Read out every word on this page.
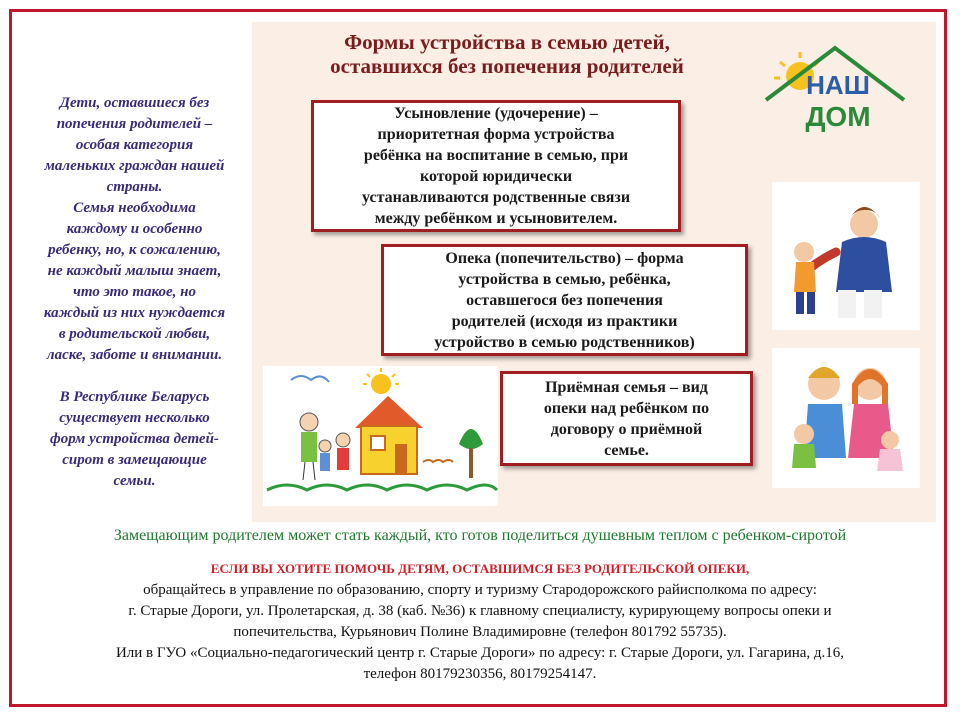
Формы устройства в семью детей,
оставшихся без попечения родителей
НАШ
ДОМ

Дети, оставшиеся без

попечения родителей –

особая категория

маленьких граждан нашей

страны.

Семья необходима

каждому и особенно

ребенку, но, к сожалению,

не каждый малыш знает,

что это такое, но

каждый из них нуждается

в родительской любви,

ласке, заботе и внимании.

В Республике Беларусь

существует несколько

форм устройства детей-

сирот в замещающие

семьи.

Усыновление (удочерение) –
приоритетная форма устройства
ребёнка на воспитание в семью, при
которой юридически
устанавливаются родственные связи
между ребёнком и усыновителем.
Опека (попечительство) – форма
устройства в семью, ребёнка,
оставшегося без попечения
родителей (исходя из практики
устройство в семью родственников)
Приёмная семья – вид
опеки над ребёнком по
договору о приёмной
семье.
Замещающим родителем может стать каждый, кто готов поделиться душевным теплом с ребенком-сиротой
ЕСЛИ ВЫ ХОТИТЕ ПОМОЧЬ ДЕТЯМ, ОСТАВШИМСЯ БЕЗ РОДИТЕЛЬСКОЙ ОПЕКИ,

обращайтесь в управление по образованию, спорту и туризму Стародорожского райисполкома по адресу:

г. Старые Дороги, ул. Пролетарская, д. 38 (каб. №36) к главному специалисту, курирующему вопросы опеки и

попечительства, Курьянович Полине Владимировне (телефон 801792 55735).

Или в ГУО «Социально-педагогический центр г. Старые Дороги» по адресу: г. Старые Дороги, ул. Гагарина, д.16,

телефон 80179230356, 80179254147.
